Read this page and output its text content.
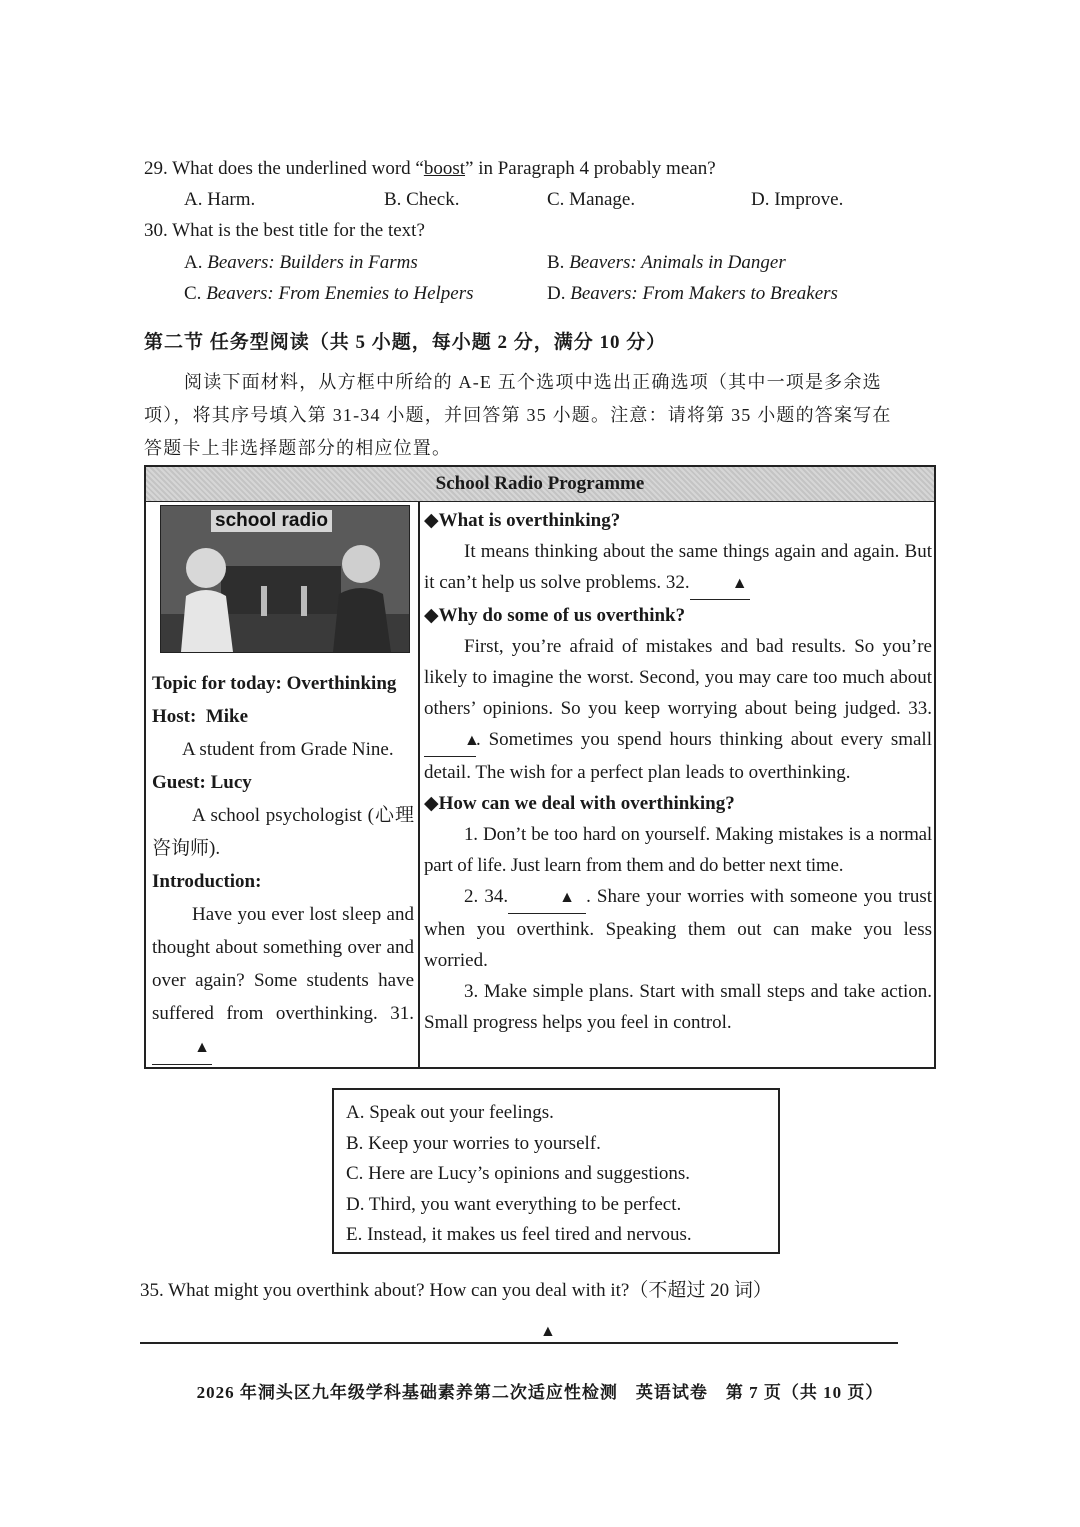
29. What does the underlined word “boost” in Paragraph 4 probably mean?
A. Harm.	B. Check.	C. Manage.	D. Improve.
30. What is the best title for the text?
A. Beavers: Builders in Farms	B. Beavers: Animals in Danger
C. Beavers: From Enemies to Helpers	D. Beavers: From Makers to Breakers
第二节 任务型阅读（共 5 小题，每小题 2 分，满分 10 分）
阅读下面材料，从方框中所给的 A-E 五个选项中选出正确选项（其中一项是多余选项），将其序号填入第 31-34 小题，并回答第 35 小题。注意：请将第 35 小题的答案写在答题卡上非选择题部分的相应位置。
School Radio Programme
school radio
Topic for today: Overthinking
Host: Mike
A student from Grade Nine.
Guest: Lucy
A school psychologist (心理咨询师).
Introduction:
Have you ever lost sleep and thought about something over and over again? Some students have suffered from overthinking. 31.▲
◆What is overthinking?
It means thinking about the same things again and again. But it can’t help us solve problems. 32.	▲
◆Why do some of us overthink?
First, you’re afraid of mistakes and bad results. So you’re likely to imagine the worst. Second, you may care too much about others’ opinions. So you keep worrying about being judged. 33.▲. Sometimes you spend hours thinking about every small detail. The wish for a perfect plan leads to overthinking.
◆How can we deal with overthinking?
1. Don’t be too hard on yourself. Making mistakes is a normal part of life. Just learn from them and do better next time.
2. 34.	▲ . Share your worries with someone you trust when you overthink. Speaking them out can make you less worried.
3. Make simple plans. Start with small steps and take action. Small progress helps you feel in control.
A. Speak out your feelings.
B. Keep your worries to yourself.
C. Here are Lucy’s opinions and suggestions.
D. Third, you want everything to be perfect.
E. Instead, it makes us feel tired and nervous.
35. What might you overthink about? How can you deal with it?（不超过 20 词）
▲
2026 年洞头区九年级学科基础素养第二次适应性检测　英语试卷　第 7 页（共 10 页）
